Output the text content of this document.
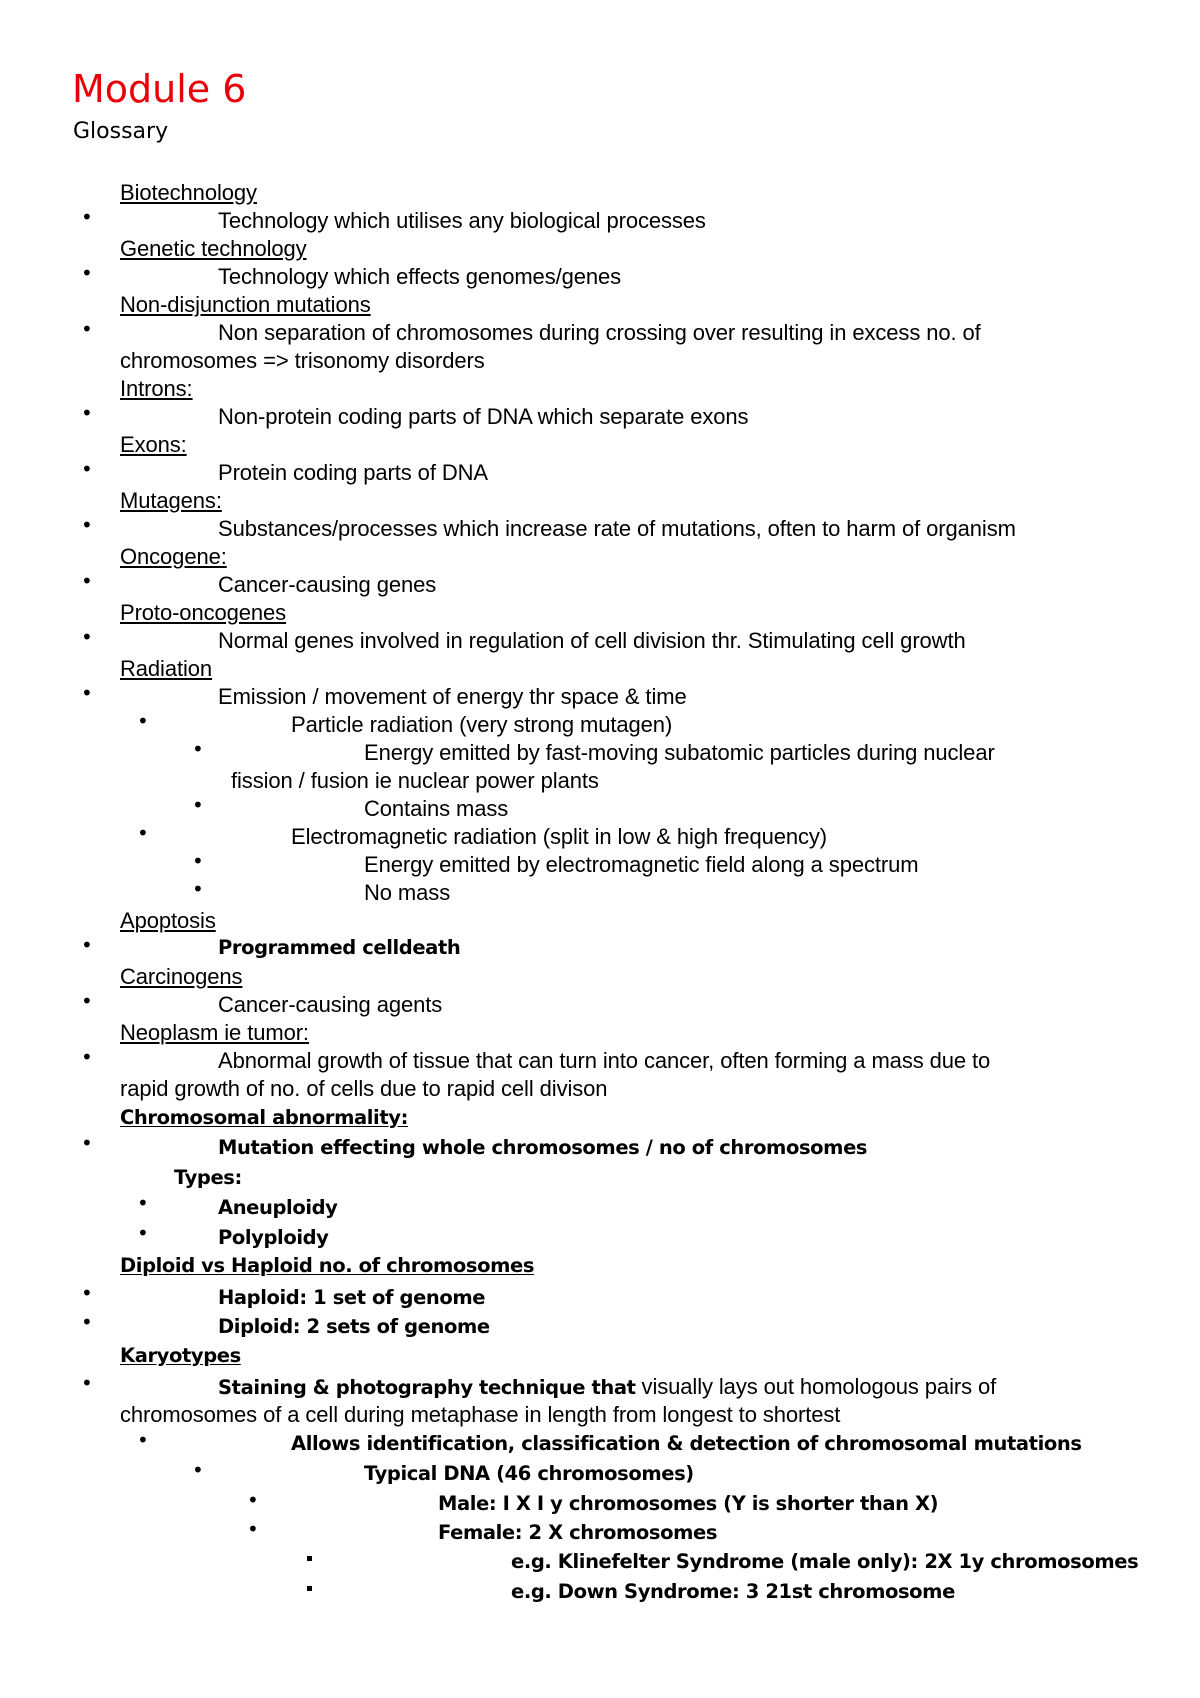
Module 6
Glossary
Biotechnology
•	Technology which utilises any biological processes
Genetic technology
•	Technology which effects genomes/genes
Non-disjunction mutations
•	Non separation of chromosomes during crossing over resulting in excess no. of
chromosomes => trisonomy disorders
Introns:
•	Non-protein coding parts of DNA which separate exons
Exons:
•	Protein coding parts of DNA
Mutagens:
•	Substances/processes which increase rate of mutations, often to harm of organism
Oncogene:
•	Cancer-causing genes
Proto-oncogenes
•	Normal genes involved in regulation of cell division thr. Stimulating cell growth
Radiation
•	Emission / movement of energy thr space & time
•	Particle radiation (very strong mutagen)
•	Energy emitted by fast-moving subatomic particles during nuclear
fission / fusion ie nuclear power plants
•	Contains mass
•	Electromagnetic radiation (split in low & high frequency)
•	Energy emitted by electromagnetic field along a spectrum
•	No mass
Apoptosis
•	Programmed celldeath
Carcinogens
•	Cancer-causing agents
Neoplasm ie tumor:
•	Abnormal growth of tissue that can turn into cancer, often forming a mass due to
rapid growth of no. of cells due to rapid cell divison
Chromosomal abnormality:
•	Mutation effecting whole chromosomes / no of chromosomes
Types:
•	Aneuploidy
•	Polyploidy
Diploid vs Haploid no. of chromosomes
•	Haploid: 1 set of genome
•	Diploid: 2 sets of genome
Karyotypes
•	Staining & photography technique that visually lays out homologous pairs of
chromosomes of a cell during metaphase in length from longest to shortest
•	Allows identification, classification & detection of chromosomal mutations
•	Typical DNA (46 chromosomes)
•	Male: I X I y chromosomes (Y is shorter than X)
•	Female: 2 X chromosomes
e.g. Klinefelter Syndrome (male only): 2X 1y chromosomes
e.g. Down Syndrome: 3 21st chromosome
